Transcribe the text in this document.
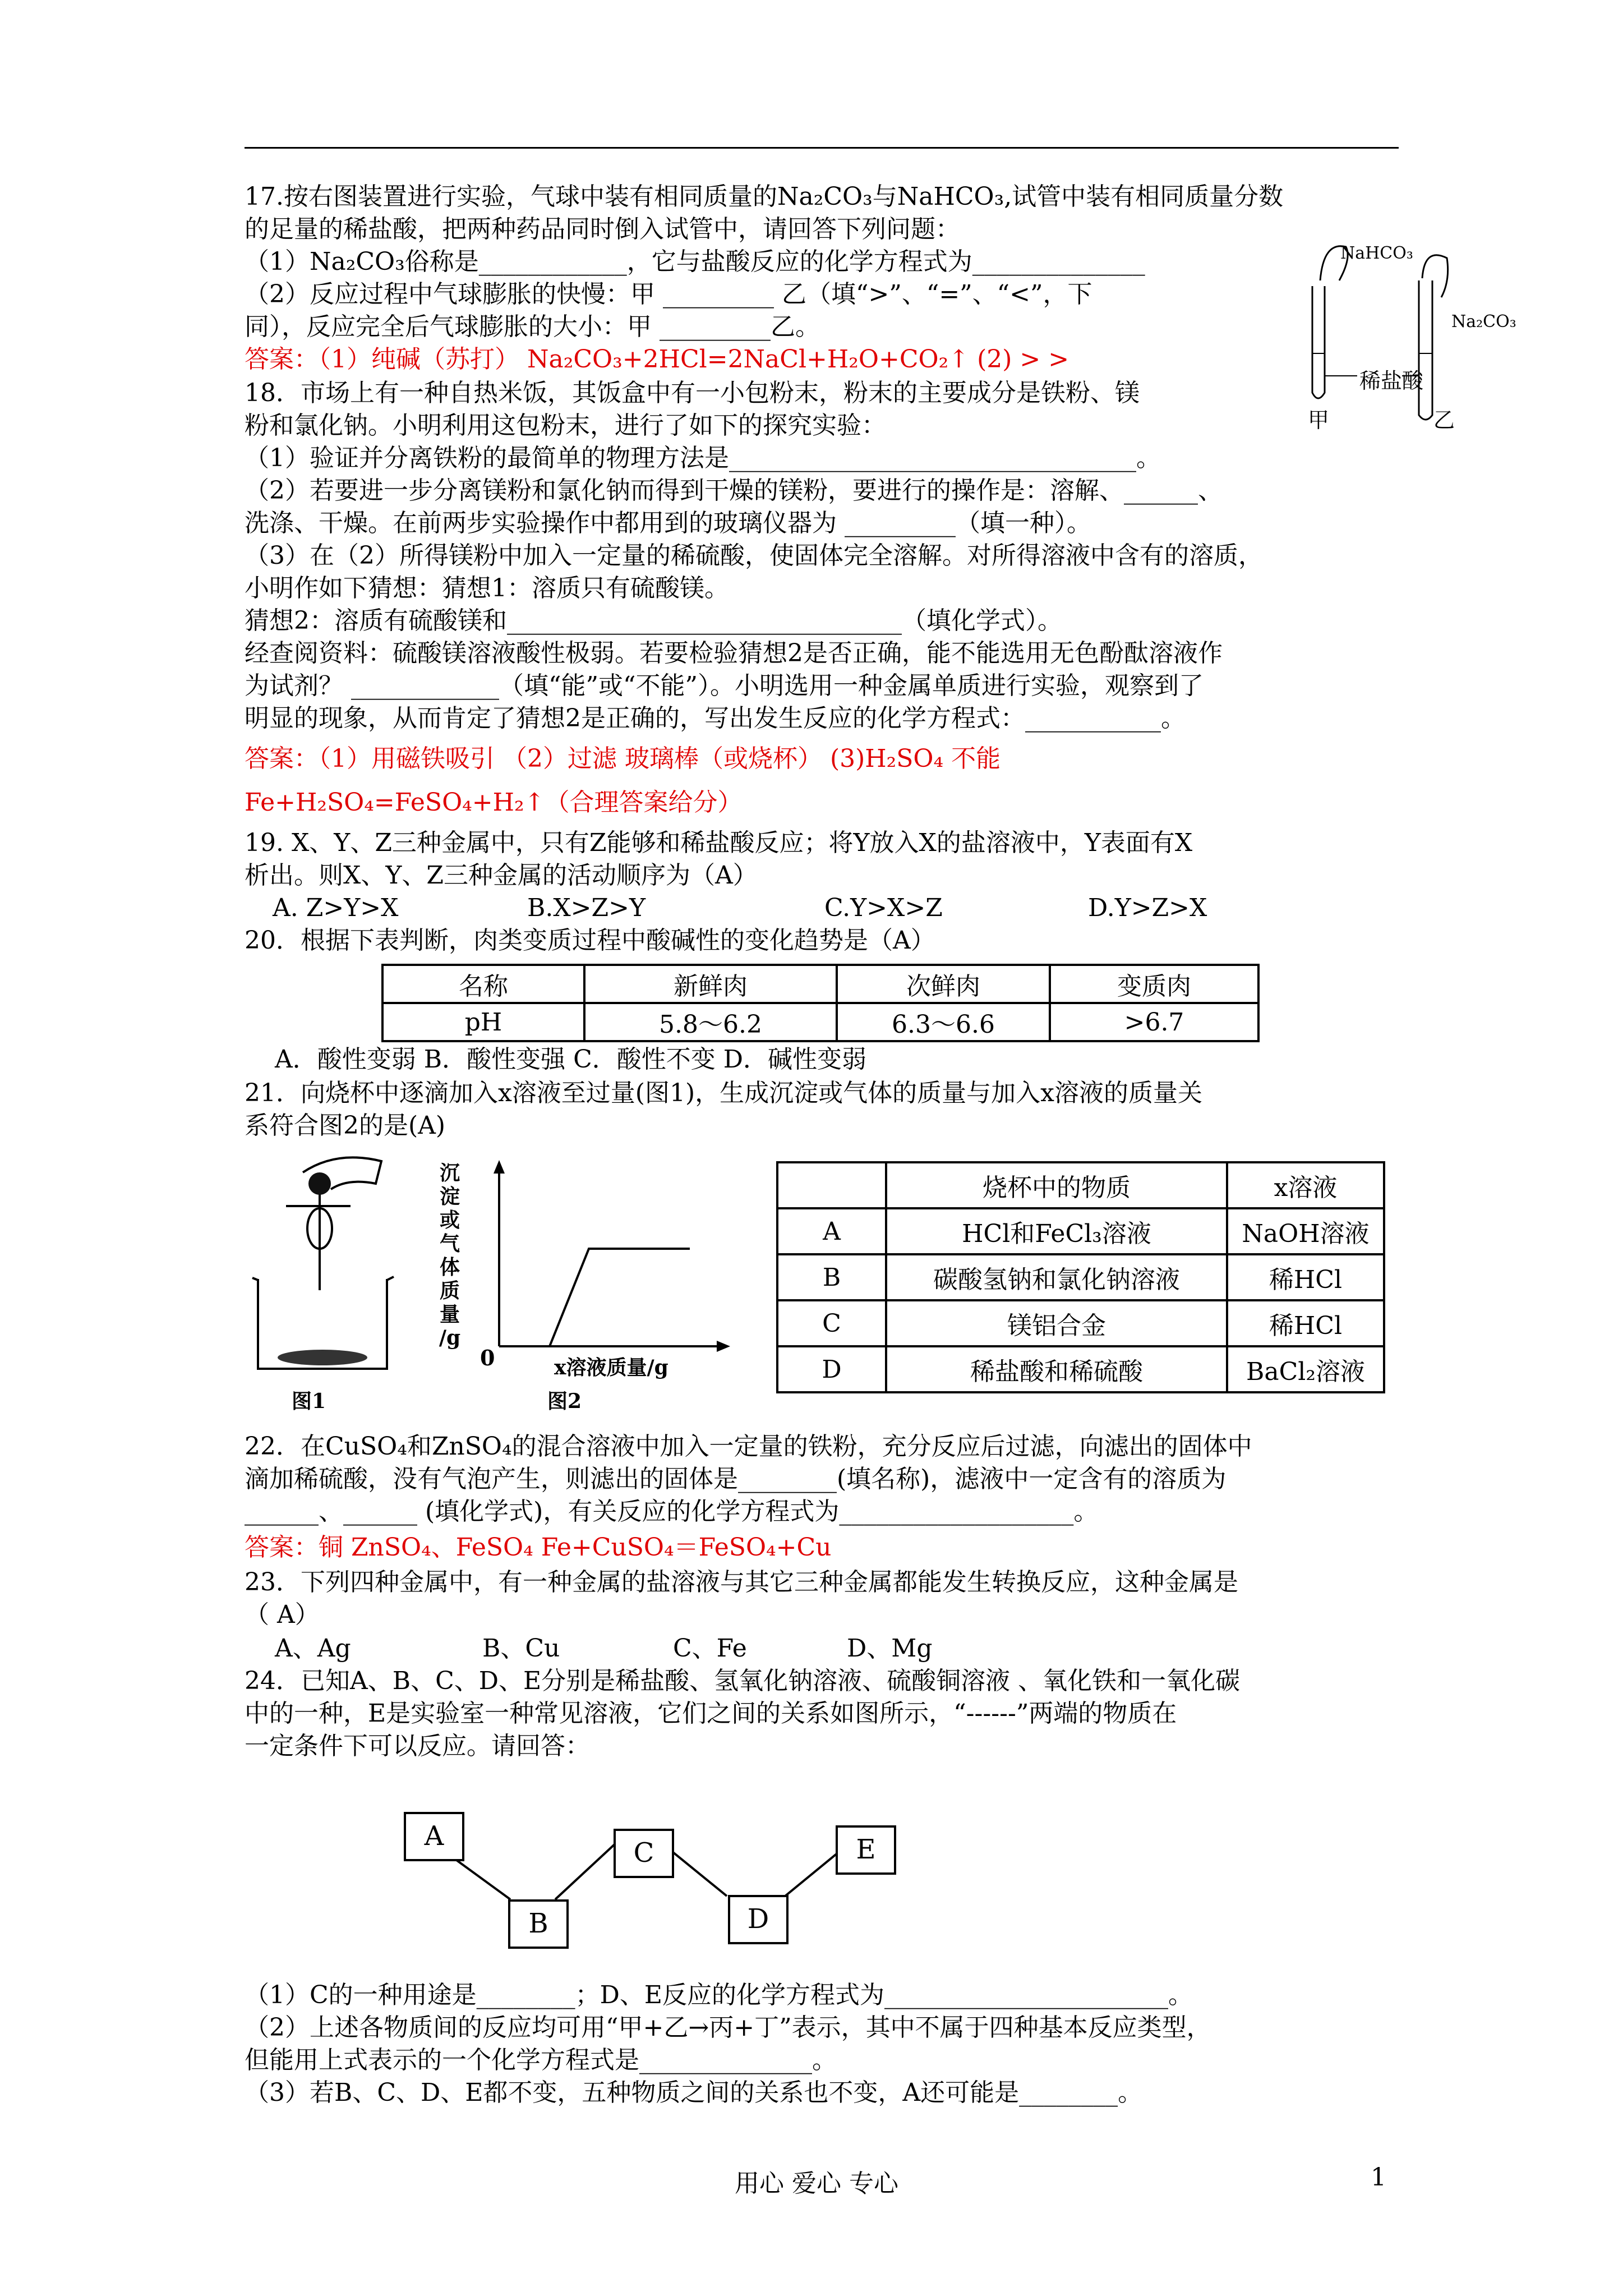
17.按右图装置进行实验，气球中装有相同质量的Na₂CO₃与NaHCO₃,试管中装有相同质量分数
的足量的稀盐酸，把两种药品同时倒入试管中，请回答下列问题：
（1）Na₂CO₃俗称是____________，它与盐酸反应的化学方程式为______________
（2）反应过程中气球膨胀的快慢：甲 _________ 乙（填“>”、“=”、“<”，下
同），反应完全后气球膨胀的大小：甲 _________乙。
答案：（1）纯碱（苏打） Na₂CO₃+2HCl=2NaCl+H₂O+CO₂↑ (2) > >
NaHCO₃
Na₂CO₃
稀盐酸
甲	乙
18．市场上有一种自热米饭，其饭盒中有一小包粉末，粉末的主要成分是铁粉、镁
粉和氯化钠。小明利用这包粉末，进行了如下的探究实验：
（1）验证并分离铁粉的最简单的物理方法是_________________________________。
（2）若要进一步分离镁粉和氯化钠而得到干燥的镁粉，要进行的操作是：溶解、______、
洗涤、干燥。在前两步实验操作中都用到的玻璃仪器为 _________（填一种）。
（3）在（2）所得镁粉中加入一定量的稀硫酸，使固体完全溶解。对所得溶液中含有的溶质，
小明作如下猜想：猜想1：溶质只有硫酸镁。
猜想2：溶质有硫酸镁和________________________________（填化学式）。
经查阅资料：硫酸镁溶液酸性极弱。若要检验猜想2是否正确，能不能选用无色酚酞溶液作
为试剂？ ____________（填“能”或“不能”）。小明选用一种金属单质进行实验，观察到了
明显的现象，从而肯定了猜想2是正确的，写出发生反应的化学方程式：___________。
答案：（1）用磁铁吸引 （2）过滤 玻璃棒（或烧杯） (3)H₂SO₄ 不能
Fe+H₂SO₄=FeSO₄+H₂↑（合理答案给分）
19. X、Y、Z三种金属中，只有Z能够和稀盐酸反应；将Y放入X的盐溶液中，Y表面有X
析出。则X、Y、Z三种金属的活动顺序为（A）
A. Z>Y>X	B.X>Z>Y	C.Y>X>Z	D.Y>Z>X
20．根据下表判断，肉类变质过程中酸碱性的变化趋势是（A）
名称	新鲜肉	次鲜肉	变质肉
pH	5.8～6.2	6.3～6.6	>6.7
A．酸性变弱 B．酸性变强 C．酸性不变 D．碱性变弱
21．向烧杯中逐滴加入x溶液至过量(图1)，生成沉淀或气体的质量与加入x溶液的质量关
系符合图2的是(A)
图1
沉
淀
或
气
体
质
量
/g
0	x溶液质量/g
图2
	烧杯中的物质	x溶液
A	HCl和FeCl₃溶液	NaOH溶液
B	碳酸氢钠和氯化钠溶液	稀HCl
C	镁铝合金	稀HCl
D	稀盐酸和稀硫酸	BaCl₂溶液
22．在CuSO₄和ZnSO₄的混合溶液中加入一定量的铁粉，充分反应后过滤，向滤出的固体中
滴加稀硫酸，没有气泡产生，则滤出的固体是________(填名称)，滤液中一定含有的溶质为
______、______ (填化学式)，有关反应的化学方程式为___________________。
答案：铜 ZnSO₄、FeSO₄ Fe+CuSO₄＝FeSO₄+Cu
23．下列四种金属中，有一种金属的盐溶液与其它三种金属都能发生转换反应，这种金属是
（ A）
A、Ag	B、Cu	C、Fe	D、Mg
24．已知A、B、C、D、E分别是稀盐酸、氢氧化钠溶液、硫酸铜溶液 、氧化铁和一氧化碳
中的一种，E是实验室一种常见溶液，它们之间的关系如图所示，“------”两端的物质在
一定条件下可以反应。请回答：
A
B
C
D
E
（1）C的一种用途是________；D、E反应的化学方程式为_______________________。
（2）上述各物质间的反应均可用“甲+乙→丙+丁”表示，其中不属于四种基本反应类型，
但能用上式表示的一个化学方程式是______________。
（3）若B、C、D、E都不变，五种物质之间的关系也不变，A还可能是________。
用心 爱心 专心	1
